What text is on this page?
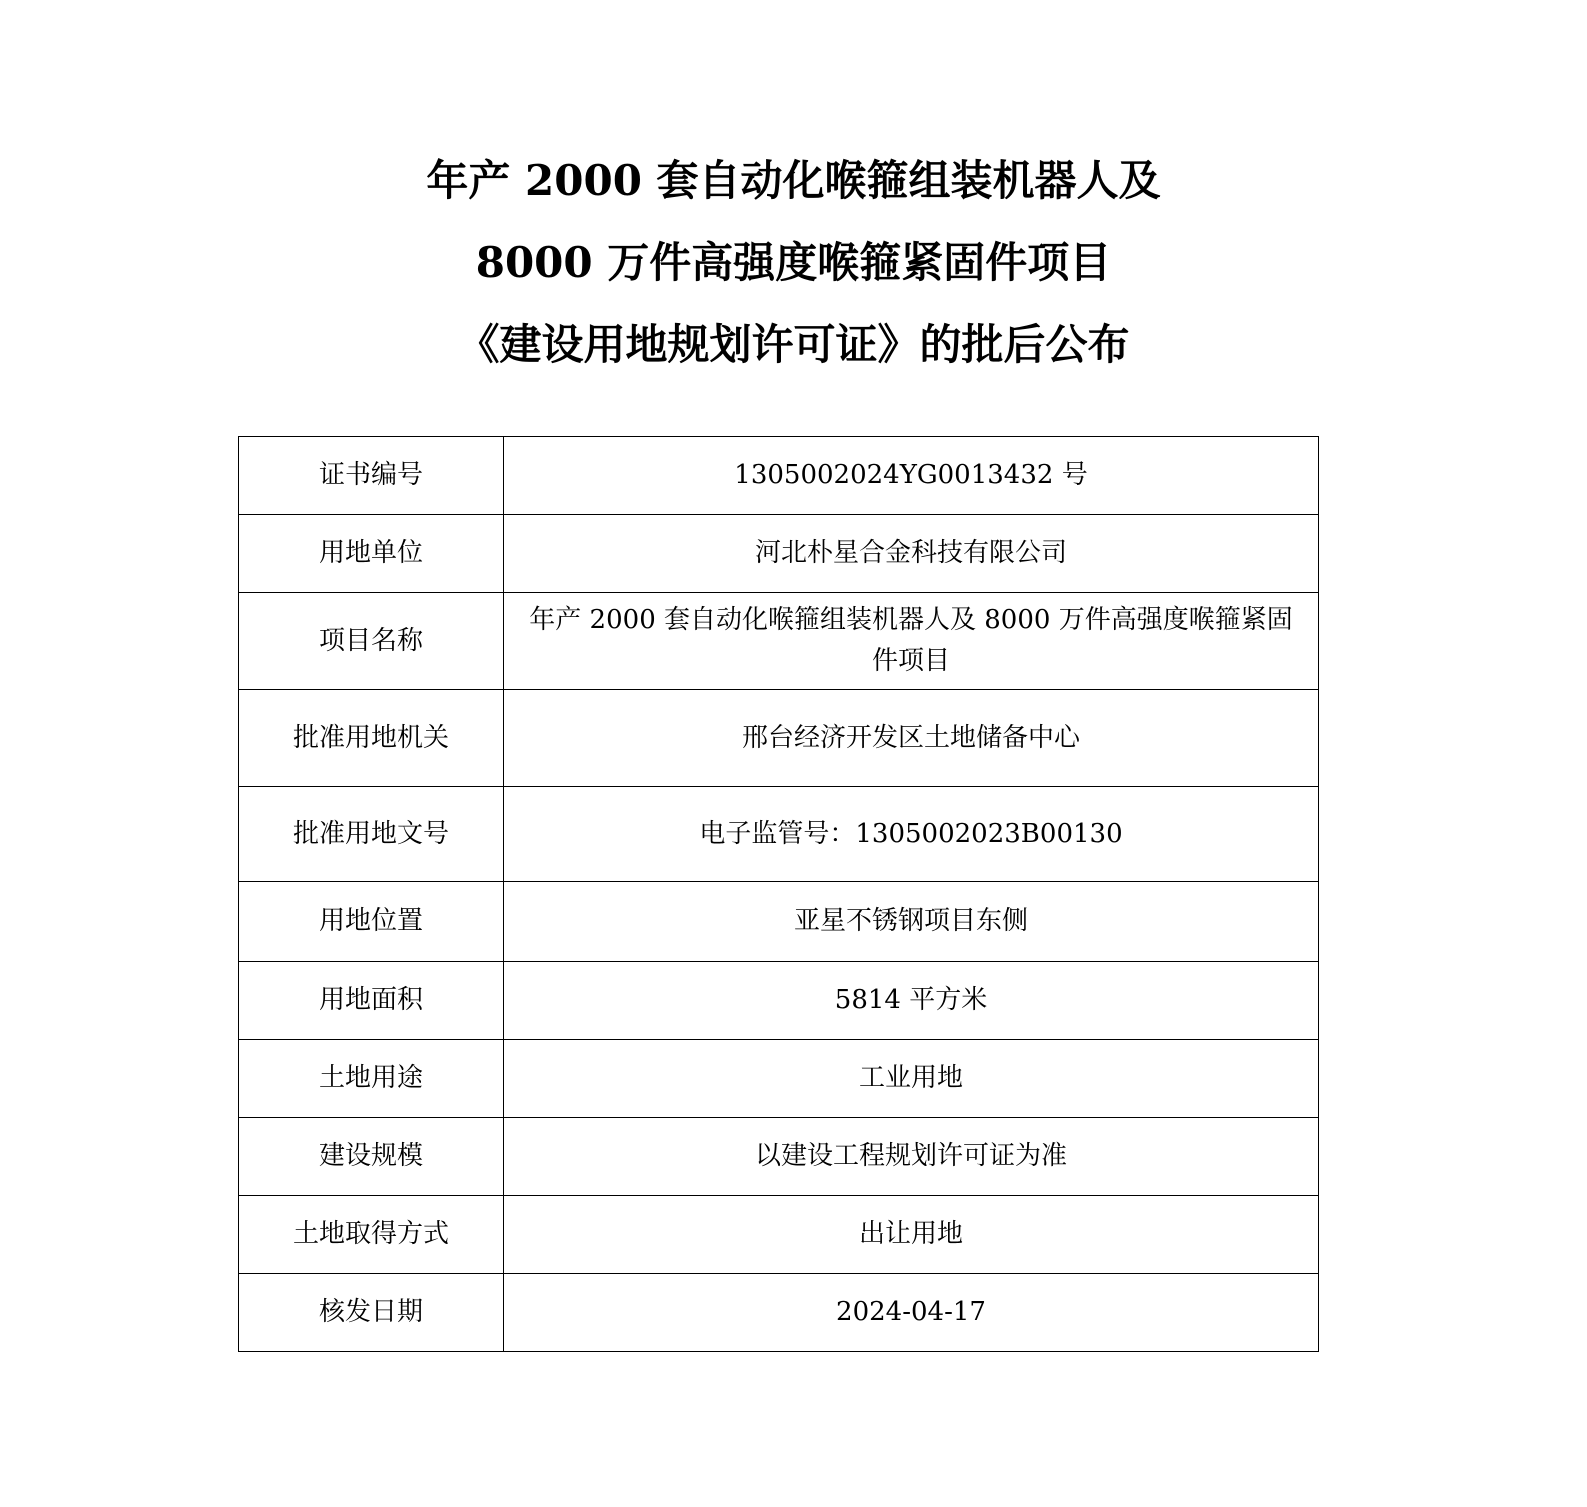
年产 2000 套自动化喉箍组装机器人及
8000 万件高强度喉箍紧固件项目
《建设用地规划许可证》的批后公布
证书编号	1305002024YG0013432 号
用地单位	河北朴星合金科技有限公司
项目名称	年产 2000 套自动化喉箍组装机器人及 8000 万件高强度喉箍紧固件项目
批准用地机关	邢台经济开发区土地储备中心
批准用地文号	电子监管号：1305002023B00130
用地位置	亚星不锈钢项目东侧
用地面积	5814 平方米
土地用途	工业用地
建设规模	以建设工程规划许可证为准
土地取得方式	出让用地
核发日期	2024-04-17
